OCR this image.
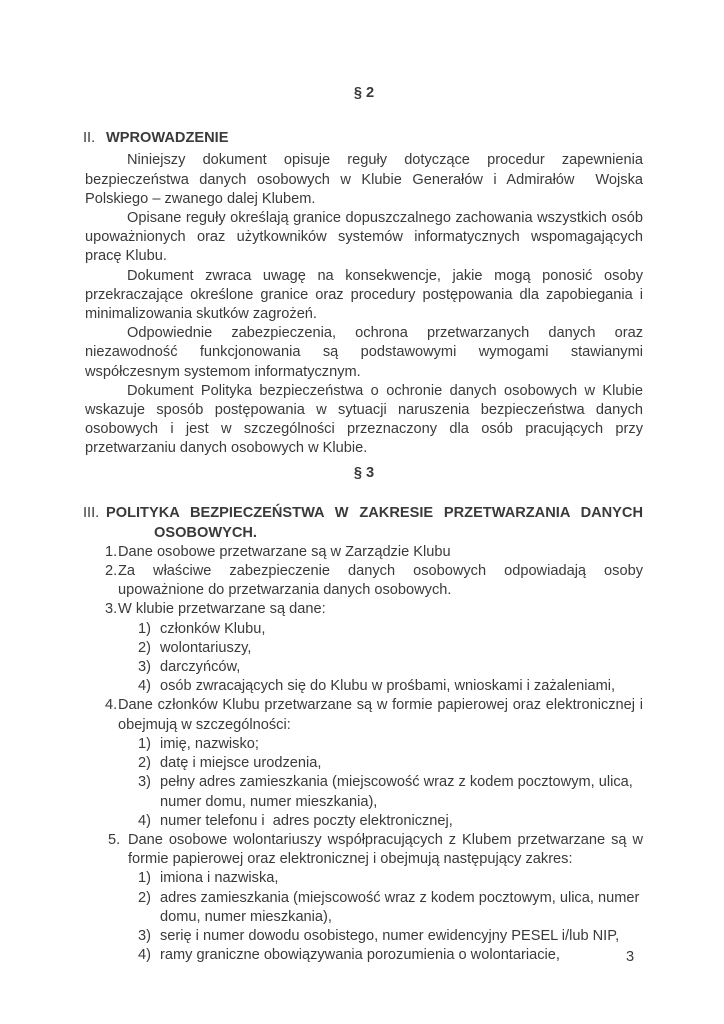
§ 2
II. WPROWADZENIE

Niniejszy dokument opisuje reguły dotyczące procedur zapewnienia bezpieczeństwa danych osobowych w Klubie Generałów i Admirałów  Wojska Polskiego – zwanego dalej Klubem.

Opisane reguły określają granice dopuszczalnego zachowania wszystkich osób upoważnionych oraz użytkowników systemów informatycznych wspomagających pracę Klubu.

Dokument zwraca uwagę na konsekwencje, jakie mogą ponosić osoby przekraczające określone granice oraz procedury postępowania dla zapobiegania i minimalizowania skutków zagrożeń.

Odpowiednie zabezpieczenia, ochrona przetwarzanych danych oraz niezawodność funkcjonowania są podstawowymi wymogami stawianymi współczesnym systemom informatycznym.

Dokument Polityka bezpieczeństwa o ochronie danych osobowych w Klubie wskazuje sposób postępowania w sytuacji naruszenia bezpieczeństwa danych osobowych i jest w szczególności przeznaczony dla osób pracujących przy przetwarzaniu danych osobowych w Klubie.

§ 3
III. POLITYKA BEZPIECZEŃSTWA W ZAKRESIE PRZETWARZANIA DANYCH
OSOBOWYCH.
1. Dane osobowe przetwarzane są w Zarządzie Klubu
2. Za właściwe zabezpieczenie danych osobowych odpowiadają osoby upoważnione do przetwarzania danych osobowych.
3. W klubie przetwarzane są dane:
1) członków Klubu,
2) wolontariuszy,
3) darczyńców,
4) osób zwracających się do Klubu w prośbami, wnioskami i zażaleniami,
4. Dane członków Klubu przetwarzane są w formie papierowej oraz elektronicznej i obejmują w szczególności:
1) imię, nazwisko;
2) datę i miejsce urodzenia,
3) pełny adres zamieszkania (miejscowość wraz z kodem pocztowym, ulica, numer domu, numer mieszkania),
4) numer telefonu i  adres poczty elektronicznej,
5. Dane osobowe wolontariuszy współpracujących z Klubem przetwarzane są w formie papierowej oraz elektronicznej i obejmują następujący zakres:
1) imiona i nazwiska,
2) adres zamieszkania (miejscowość wraz z kodem pocztowym, ulica, numer domu, numer mieszkania),
3) serię i numer dowodu osobistego, numer ewidencyjny PESEL i/lub NIP,
4) ramy graniczne obowiązywania porozumienia o wolontariacie,	3
